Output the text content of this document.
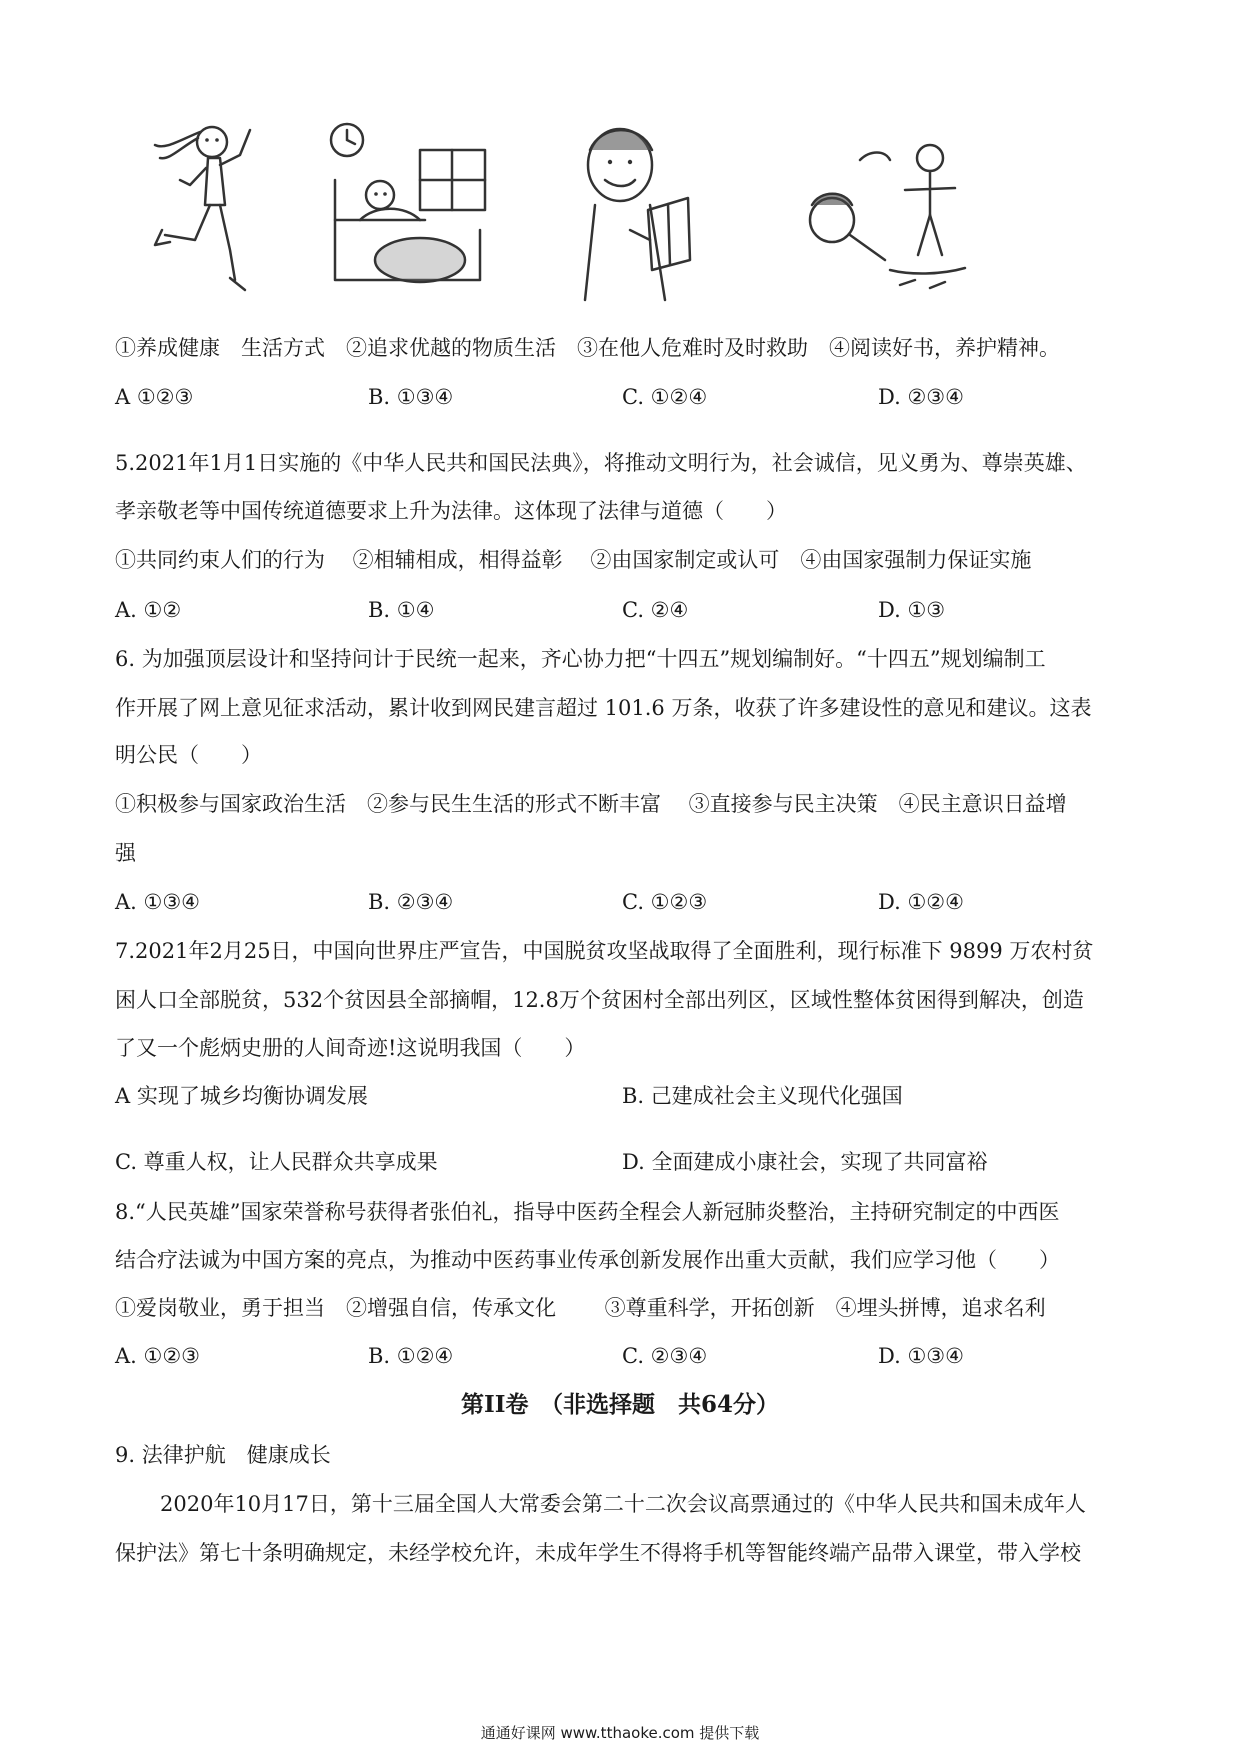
①养成健康　生活方式　②追求优越的物质生活　③在他人危难时及时救助　④阅读好书，养护精神。
A ①②③	B. ①③④	C. ①②④	D. ②③④
5.2021年1月1日实施的《中华人民共和国民法典》，将推动文明行为，社会诚信，见义勇为、尊崇英雄、
孝亲敬老等中国传统道德要求上升为法律。这体现了法律与道德（　　）
①共同约束人们的行为　 ②相辅相成，相得益彰　 ②由国家制定或认可　④由国家强制力保证实施
A. ①②	B. ①④	C. ②④	D. ①③
6. 为加强顶层设计和坚持问计于民统一起来，齐心协力把“十四五”规划编制好。“十四五”规划编制工
作开展了网上意见征求活动，累计收到网民建言超过 101.6 万条，收获了许多建设性的意见和建议。这表
明公民（　　）
①积极参与国家政治生活　②参与民生生活的形式不断丰富　 ③直接参与民主决策　④民主意识日益增
强
A. ①③④	B. ②③④	C. ①②③	D. ①②④
7.2021年2月25日，中国向世界庄严宣告，中国脱贫攻坚战取得了全面胜利，现行标准下 9899 万农村贫
困人口全部脱贫，532个贫因县全部摘帽，12.8万个贫困村全部出列区，区域性整体贫困得到解决，创造
了又一个彪炳史册的人间奇迹!这说明我国（　　）
A 实现了城乡均衡协调发展	B. 己建成社会主义现代化强国
C. 尊重人权，让人民群众共享成果	D. 全面建成小康社会，实现了共同富裕
8.“人民英雄”国家荣誉称号获得者张伯礼，指导中医药全程会人新冠肺炎整治，主持研究制定的中西医
结合疗法诚为中国方案的亮点，为推动中医药事业传承创新发展作出重大贡献，我们应学习他（　　）
①爱岗敬业，勇于担当　②增强自信，传承文化　　 ③尊重科学，开拓创新　④埋头拼博，追求名利
A. ①②③	B. ①②④	C. ②③④	D. ①③④
第II卷　（非选择题　共64分）
9. 法律护航　健康成长
2020年10月17日，第十三届全国人大常委会第二十二次会议高票通过的《中华人民共和国未成年人
保护法》第七十条明确规定，未经学校允许，未成年学生不得将手机等智能终端产品带入课堂，带入学校
通通好课网 www.tthaoke.com 提供下载
